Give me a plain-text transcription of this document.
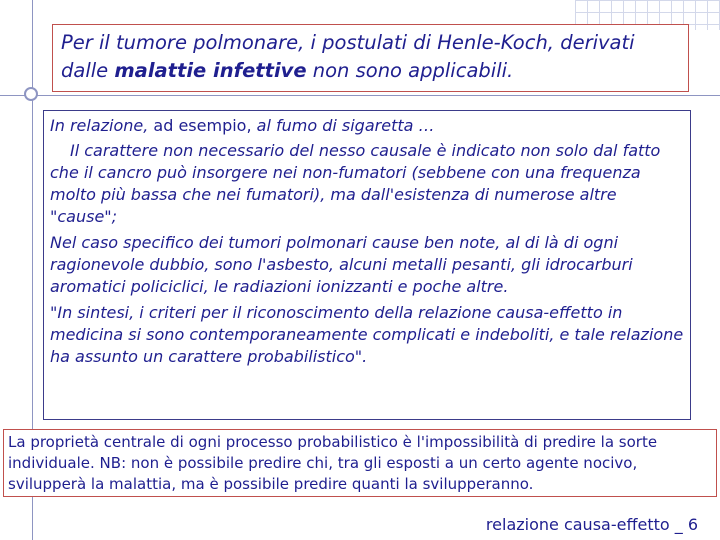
Per il tumore polmonare, i postulati di Henle-Koch, derivati dalle malattie infettive non sono applicabili.

In relazione, ad esempio, al fumo di sigaretta …

Il carattere non necessario del nesso causale è indicato non solo dal fatto che il cancro può insorgere nei non-fumatori (sebbene con una frequenza molto più bassa che nei fumatori), ma dall'esistenza di numerose altre "cause";

Nel caso specifico dei tumori polmonari cause ben note, al di là di ogni ragionevole dubbio, sono l'asbesto, alcuni metalli pesanti, gli idrocarburi aromatici policiclici, le radiazioni ionizzanti e poche altre.

"In sintesi, i criteri per il riconoscimento della relazione causa-effetto in medicina si sono contemporaneamente complicati e indeboliti, e tale relazione ha assunto un carattere probabilistico".

La proprietà centrale di ogni processo probabilistico è l'impossibilità di predire la sorte individuale. NB: non è possibile predire chi, tra gli esposti a un certo agente nocivo, svilupperà la malattia, ma è possibile predire quanti la svilupperanno.
relazione causa-effetto _ 6
